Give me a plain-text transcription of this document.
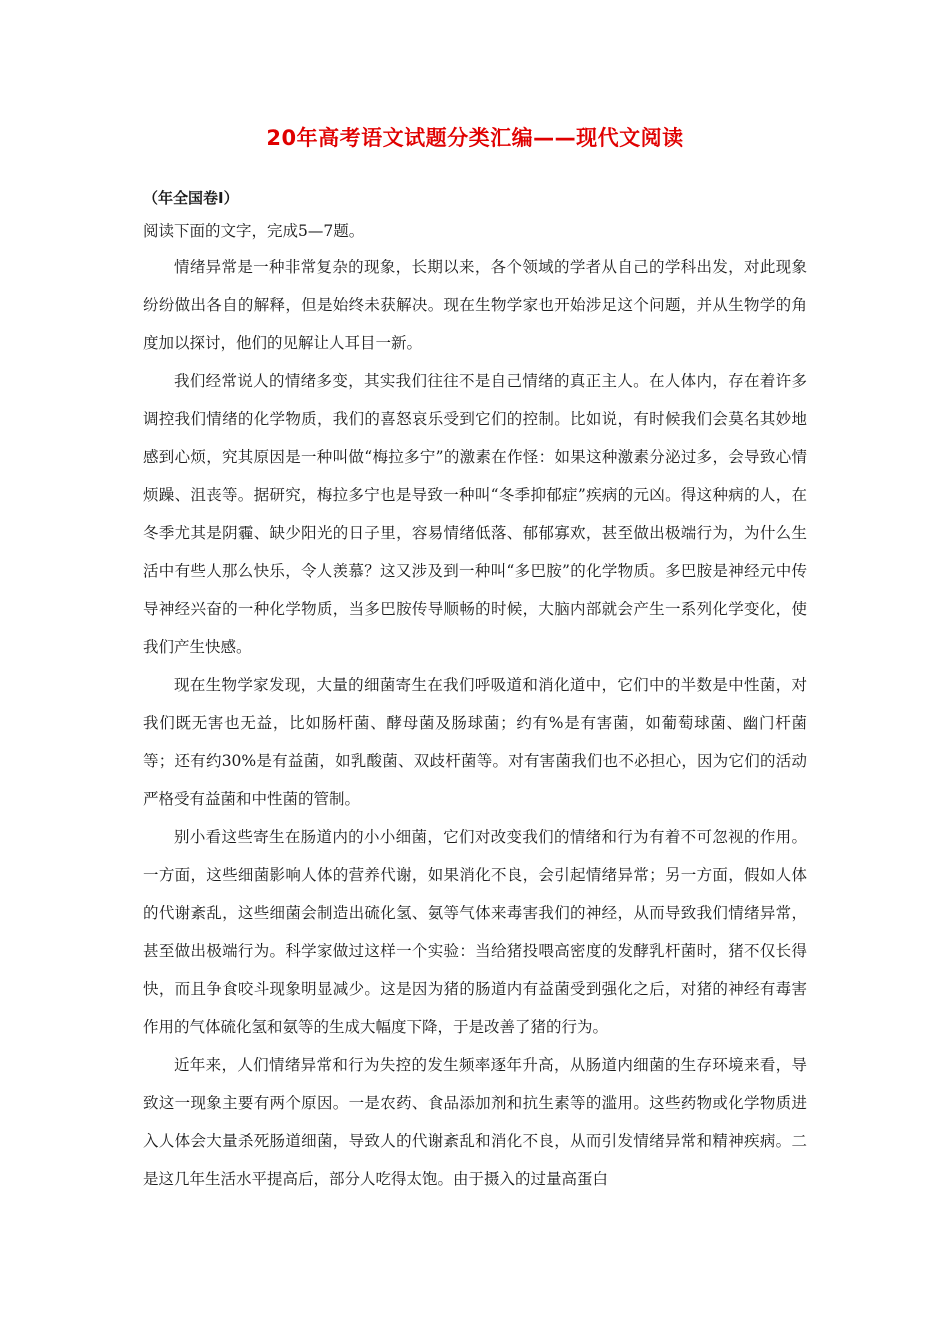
20年高考语文试题分类汇编——现代文阅读

（年全国卷Ⅰ）

阅读下面的文字，完成5—7题。

情绪异常是一种非常复杂的现象，长期以来，各个领域的学者从自己的学科出发，对此现象纷纷做出各自的解释，但是始终未获解决。现在生物学家也开始涉足这个问题，并从生物学的角度加以探讨，他们的见解让人耳目一新。

我们经常说人的情绪多变，其实我们往往不是自己情绪的真正主人。在人体内，存在着许多调控我们情绪的化学物质，我们的喜怒哀乐受到它们的控制。比如说，有时候我们会莫名其妙地感到心烦，究其原因是一种叫做“梅拉多宁”的激素在作怪：如果这种激素分泌过多，会导致心情烦躁、沮丧等。据研究，梅拉多宁也是导致一种叫“冬季抑郁症”疾病的元凶。得这种病的人，在冬季尤其是阴霾、缺少阳光的日子里，容易情绪低落、郁郁寡欢，甚至做出极端行为，为什么生活中有些人那么快乐，令人羡慕？这又涉及到一种叫“多巴胺”的化学物质。多巴胺是神经元中传导神经兴奋的一种化学物质，当多巴胺传导顺畅的时候，大脑内部就会产生一系列化学变化，使我们产生快感。

现在生物学家发现，大量的细菌寄生在我们呼吸道和消化道中，它们中的半数是中性菌，对我们既无害也无益，比如肠杆菌、酵母菌及肠球菌；约有%是有害菌，如葡萄球菌、幽门杆菌等；还有约30%是有益菌，如乳酸菌、双歧杆菌等。对有害菌我们也不必担心，因为它们的活动严格受有益菌和中性菌的管制。

别小看这些寄生在肠道内的小小细菌，它们对改变我们的情绪和行为有着不可忽视的作用。一方面，这些细菌影响人体的营养代谢，如果消化不良，会引起情绪异常；另一方面，假如人体的代谢紊乱，这些细菌会制造出硫化氢、氨等气体来毒害我们的神经，从而导致我们情绪异常，甚至做出极端行为。科学家做过这样一个实验：当给猪投喂高密度的发酵乳杆菌时，猪不仅长得快，而且争食咬斗现象明显减少。这是因为猪的肠道内有益菌受到强化之后，对猪的神经有毒害作用的气体硫化氢和氨等的生成大幅度下降，于是改善了猪的行为。

近年来，人们情绪异常和行为失控的发生频率逐年升高，从肠道内细菌的生存环境来看，导致这一现象主要有两个原因。一是农药、食品添加剂和抗生素等的滥用。这些药物或化学物质进入人体会大量杀死肠道细菌，导致人的代谢紊乱和消化不良，从而引发情绪异常和精神疾病。二是这几年生活水平提高后，部分人吃得太饱。由于摄入的过量高蛋白
